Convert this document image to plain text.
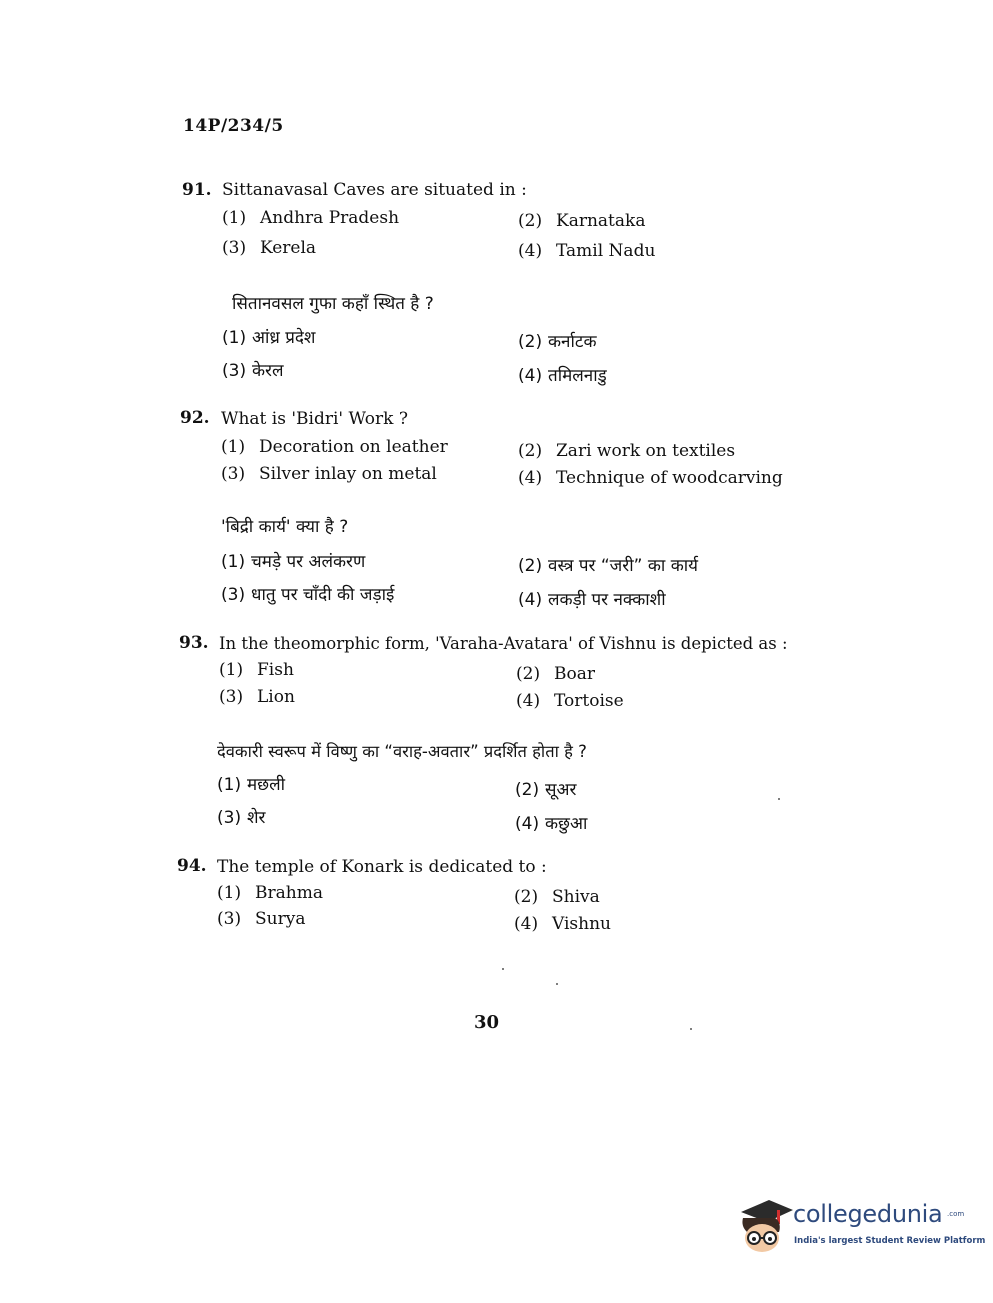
14P/234/5
91. Sittanavasal Caves are situated in :
(1) Andhra Pradesh	(2) Karnataka
(3) Kerela	(4) Tamil Nadu
सितानवसल गुफा कहाँ स्थित है ?
(1) आंध्र प्रदेश	(2) कर्नाटक
(3) केरल	(4) तमिलनाडु
92. What is 'Bidri' Work ?
(1) Decoration on leather	(2) Zari work on textiles
(3) Silver inlay on metal	(4) Technique of woodcarving
'बिद्री कार्य' क्या है ?
(1) चमड़े पर अलंकरण	(2) वस्त्र पर “जरी” का कार्य
(3) धातु पर चाँदी की जड़ाई	(4) लकड़ी पर नक्काशी
93. In the theomorphic form, 'Varaha-Avatara' of Vishnu is depicted as :
(1) Fish	(2) Boar
(3) Lion	(4) Tortoise
देवकारी स्वरूप में विष्णु का “वराह-अवतार” प्रदर्शित होता है ?
(1) मछली	(2) सूअर
(3) शेर	(4) कछुआ
94. The temple of Konark is dedicated to :
(1) Brahma	(2) Shiva
(3) Surya	(4) Vishnu
30
collegedunia .com
India's largest Student Review Platform
